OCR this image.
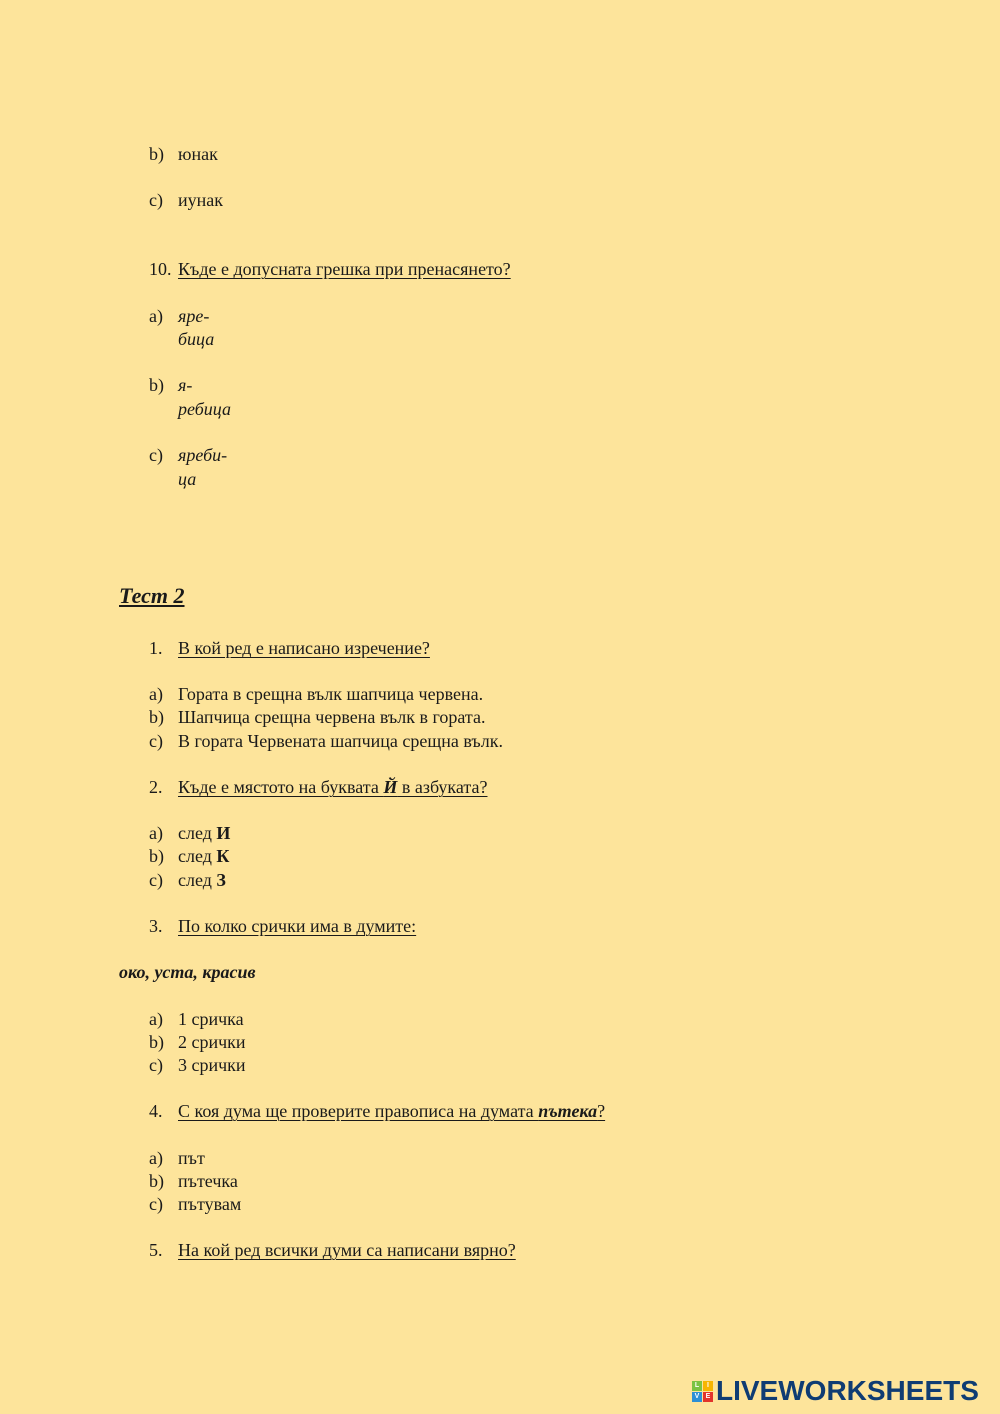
b) юнак
c) иунак
10. Къде е допусната грешка при пренасянето?
a) яре-
бица
b) я-
ребица
c) яреби-
ца
Тест 2
1. В кой ред е написано изречение?
a) Гората в срещна вълк шапчица червена.
b) Шапчица срещна червена вълк в гората.
c) В гората Червената шапчица срещна вълк.
2. Къде е мястото на буквата Й в азбуката?
a) след И
b) след К
c) след З
3. По колко срички има в думите:
око, уста, красив
a) 1 сричка
b) 2 срички
c) 3 срички
4. С коя дума ще проверите правописа на думата пътека?
a) път
b) пътечка
c) пътувам
5. На кой ред всички думи са написани вярно?
L	I
V E LIVEWORKSHEETS
